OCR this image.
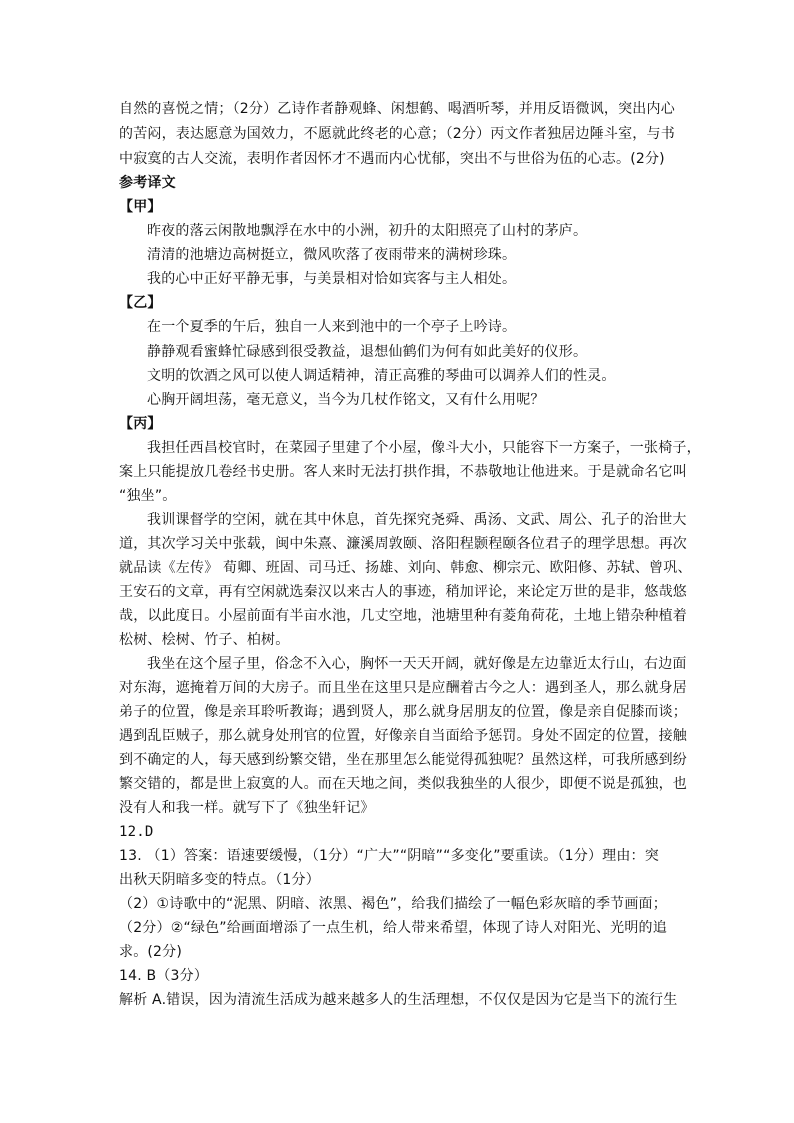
自然的喜悦之情；（2分）乙诗作者静观蜂、闲想鹤、喝酒听琴，并用反语微讽，突出内心
的苦闷，表达愿意为国效力，不愿就此终老的心意；（2分）丙文作者独居边陲斗室，与书
中寂寞的古人交流，表明作者因怀才不遇而内心忧郁，突出不与世俗为伍的心志。(2分)
参考译文
【甲】
昨夜的落云闲散地飘浮在水中的小洲，初升的太阳照亮了山村的茅庐。
清清的池塘边高树挺立，微风吹落了夜雨带来的满树珍珠。
我的心中正好平静无事，与美景相对恰如宾客与主人相处。
【乙】
在一个夏季的午后，独自一人来到池中的一个亭子上吟诗。
静静观看蜜蜂忙碌感到很受教益，退想仙鹤们为何有如此美好的仪形。
文明的饮酒之风可以使人调适精神，清正高雅的琴曲可以调养人们的性灵。
心胸开阔坦荡，毫无意义，当今为几杖作铭文，又有什么用呢？
【丙】
我担任西昌校官时，在菜园子里建了个小屋，像斗大小，只能容下一方案子，一张椅子，
案上只能提放几卷经书史册。客人来时无法打拱作揖，不恭敬地让他进来。于是就命名它叫
“独坐”。
我训课督学的空闲，就在其中休息，首先探究尧舜、禹汤、文武、周公、孔子的治世大
道，其次学习关中张载，闽中朱熹、濂溪周敦颐、洛阳程颢程颐各位君子的理学思想。再次
就品读《左传》 荀卿、班固、司马迁、扬雄、刘向、韩愈、柳宗元、欧阳修、苏轼、曾巩、
王安石的文章，再有空闲就选秦汉以来古人的事迹，稍加评论，来论定万世的是非，悠哉悠
哉，以此度日。小屋前面有半亩水池，几丈空地，池塘里种有菱角荷花，土地上错杂种植着
松树、桧树、竹子、柏树。
我坐在这个屋子里，俗念不入心，胸怀一天天开阔，就好像是左边靠近太行山，右边面
对东海，遮掩着万间的大房子。而且坐在这里只是应酬着古今之人：遇到圣人，那么就身居
弟子的位置，像是亲耳聆听教诲；遇到贤人，那么就身居朋友的位置，像是亲自促膝而谈；
遇到乱臣贼子，那么就身处刑官的位置，好像亲自当面给予惩罚。身处不固定的位置，接触
到不确定的人，每天感到纷繁交错，坐在那里怎么能觉得孤独呢？虽然这样，可我所感到纷
繁交错的，都是世上寂寞的人。而在天地之间，类似我独坐的人很少，即便不说是孤独，也
没有人和我一样。就写下了《独坐轩记》
12.D
13. （1）答案：语速要缓慢，（1分）“广大”“阴暗”“多变化”要重读。（1分）理由：突
出秋天阴暗多变的特点。（1分）
（2）①诗歌中的“泥黑、阴暗、浓黑、褐色”，给我们描绘了一幅色彩灰暗的季节画面；
（2分）②“绿色”给画面增添了一点生机，给人带来希望，体现了诗人对阳光、光明的追
求。(2分)
14. B（3分）
解析 A.错误，因为清流生活成为越来越多人的生活理想，不仅仅是因为它是当下的流行生
